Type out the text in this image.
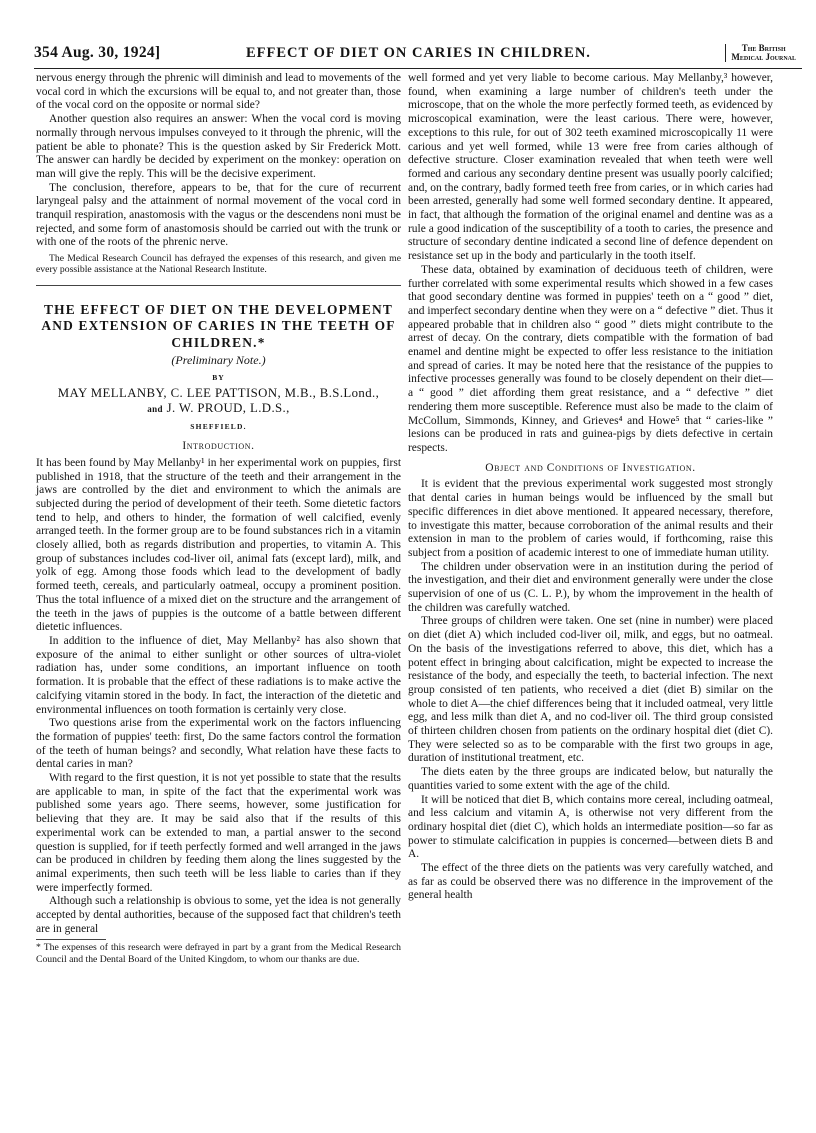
354 Aug. 30, 1924]	EFFECT OF DIET ON CARIES IN CHILDREN.	The British
Medical Journal

nervous energy through the phrenic will diminish and lead to movements of the vocal cord in which the excursions will be equal to, and not greater than, those of the vocal cord on the opposite or normal side?

Another question also requires an answer: When the vocal cord is moving normally through nervous impulses conveyed to it through the phrenic, will the patient be able to phonate? This is the question asked by Sir Frederick Mott. The answer can hardly be decided by experiment on the monkey: operation on man will give the reply. This will be the decisive experiment.

The conclusion, therefore, appears to be, that for the cure of recurrent laryngeal palsy and the attainment of normal movement of the vocal cord in tranquil respiration, anastomosis with the vagus or the descendens noni must be rejected, and some form of anastomosis should be carried out with the trunk or with one of the roots of the phrenic nerve.

The Medical Research Council has defrayed the expenses of this research, and given me every possible assistance at the National Research Institute.

THE EFFECT OF DIET ON THE DEVELOPMENT AND EXTENSION OF CARIES IN THE TEETH OF CHILDREN.*
(Preliminary Note.)
BY
MAY MELLANBY, C. LEE PATTISON, M.B., B.S.Lond.,
and J. W. PROUD, L.D.S.,
SHEFFIELD.
Introduction.

It has been found by May Mellanby¹ in her experimental work on puppies, first published in 1918, that the structure of the teeth and their arrangement in the jaws are controlled by the diet and environment to which the animals are subjected during the period of development of their teeth. Some dietetic factors tend to help, and others to hinder, the formation of well calcified, evenly arranged teeth. In the former group are to be found substances rich in a vitamin closely allied, both as regards distribution and properties, to vitamin A. This group of substances includes cod-liver oil, animal fats (except lard), milk, and yolk of egg. Among those foods which lead to the development of badly formed teeth, cereals, and particularly oatmeal, occupy a prominent position. Thus the total influence of a mixed diet on the structure and the arrangement of the teeth in the jaws of puppies is the outcome of a battle between different dietetic influences.

In addition to the influence of diet, May Mellanby² has also shown that exposure of the animal to either sunlight or other sources of ultra-violet radiation has, under some conditions, an important influence on tooth formation. It is probable that the effect of these radiations is to make active the calcifying vitamin stored in the body. In fact, the interaction of the dietetic and environmental influences on tooth formation is certainly very close.

Two questions arise from the experimental work on the factors influencing the formation of puppies' teeth: first, Do the same factors control the formation of the teeth of human beings? and secondly, What relation have these facts to dental caries in man?

With regard to the first question, it is not yet possible to state that the results are applicable to man, in spite of the fact that the experimental work was published some years ago. There seems, however, some justification for believing that they are. It may be said also that if the results of this experimental work can be extended to man, a partial answer to the second question is supplied, for if teeth perfectly formed and well arranged in the jaws can be produced in children by feeding them along the lines suggested by the animal experiments, then such teeth will be less liable to caries than if they were imperfectly formed.

Although such a relationship is obvious to some, yet the idea is not generally accepted by dental authorities, because of the supposed fact that children's teeth are in general

* The expenses of this research were defrayed in part by a grant from the Medical Research Council and the Dental Board of the United Kingdom, to whom our thanks are due.

well formed and yet very liable to become carious. May Mellanby,³ however, found, when examining a large number of children's teeth under the microscope, that on the whole the more perfectly formed teeth, as evidenced by microscopical examination, were the least carious. There were, however, exceptions to this rule, for out of 302 teeth examined microscopically 11 were carious and yet well formed, while 13 were free from caries although of defective structure. Closer examination revealed that when teeth were well formed and carious any secondary dentine present was usually poorly calcified; and, on the contrary, badly formed teeth free from caries, or in which caries had been arrested, generally had some well formed secondary dentine. It appeared, in fact, that although the formation of the original enamel and dentine was as a rule a good indication of the susceptibility of a tooth to caries, the presence and structure of secondary dentine indicated a second line of defence dependent on resistance set up in the body and particularly in the tooth itself.

These data, obtained by examination of deciduous teeth of children, were further correlated with some experimental results which showed in a few cases that good secondary dentine was formed in puppies' teeth on a “ good ” diet, and imperfect secondary dentine when they were on a “ defective ” diet. Thus it appeared probable that in children also “ good ” diets might contribute to the arrest of decay. On the contrary, diets compatible with the formation of bad enamel and dentine might be expected to offer less resistance to the initiation and spread of caries. It may be noted here that the resistance of the puppies to infective processes generally was found to be closely dependent on their diet—a “ good ” diet affording them great resistance, and a “ defective ” diet rendering them more susceptible. Reference must also be made to the claim of McCollum, Simmonds, Kinney, and Grieves⁴ and Howe⁵ that “ caries-like ” lesions can be produced in rats and guinea-pigs by diets defective in certain respects.

Object and Conditions of Investigation.

It is evident that the previous experimental work suggested most strongly that dental caries in human beings would be influenced by the small but specific differences in diet above mentioned. It appeared necessary, therefore, to investigate this matter, because corroboration of the animal results and their extension in man to the problem of caries would, if forthcoming, raise this subject from a position of academic interest to one of immediate human utility.

The children under observation were in an institution during the period of the investigation, and their diet and environment generally were under the close supervision of one of us (C. L. P.), by whom the improvement in the health of the children was carefully watched.

Three groups of children were taken. One set (nine in number) were placed on diet (diet A) which included cod-liver oil, milk, and eggs, but no oatmeal. On the basis of the investigations referred to above, this diet, which has a potent effect in bringing about calcification, might be expected to increase the resistance of the body, and especially the teeth, to bacterial infection. The next group consisted of ten patients, who received a diet (diet B) similar on the whole to diet A—the chief differences being that it included oatmeal, very little egg, and less milk than diet A, and no cod-liver oil. The third group consisted of thirteen children chosen from patients on the ordinary hospital diet (diet C). They were selected so as to be comparable with the first two groups in age, duration of institutional treatment, etc.

The diets eaten by the three groups are indicated below, but naturally the quantities varied to some extent with the age of the child.

It will be noticed that diet B, which contains more cereal, including oatmeal, and less calcium and vitamin A, is otherwise not very different from the ordinary hospital diet (diet C), which holds an intermediate position—so far as power to stimulate calcification in puppies is concerned—between diets B and A.

The effect of the three diets on the patients was very carefully watched, and as far as could be observed there was no difference in the improvement of the general health
